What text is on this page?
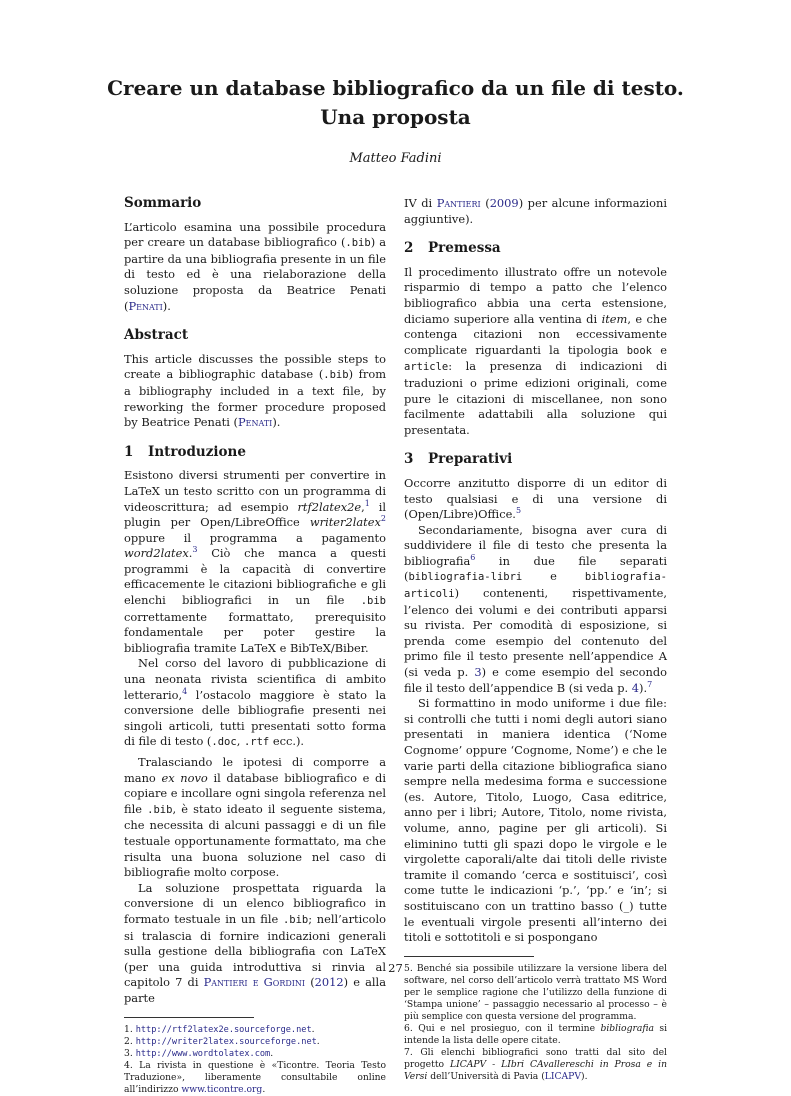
Creare un database bibliografico da un file di testo.
Una proposta
Matteo Fadini
Sommario

L’articolo esamina una possibile procedura per creare un database bibliografico (.bib) a partire da una bibliografia presente in un file di testo ed è una rielaborazione della soluzione proposta da Beatrice Penati (Penati).

Abstract

This article discusses the possible steps to create a bibliographic database (.bib) from a bibliography included in a text file, by reworking the former procedure proposed by Beatrice Penati (Penati).

1 Introduzione

Esistono diversi strumenti per convertire in LaTeX un testo scritto con un programma di videoscrittura; ad esempio rtf2latex2e,$^1$ il plugin per Open/LibreOffice writer2latex$^2$ oppure il programma a pagamento word2latex.$^3$ Ciò che manca a questi programmi è la capacità di convertire efficacemente le citazioni bibliografiche e gli elenchi bibliografici in un file .bib correttamente formattato, prerequisito fondamentale per poter gestire la bibliografia tramite LaTeX e BibTeX/Biber.

Nel corso del lavoro di pubblicazione di una neonata rivista scientifica di ambito letterario,$^4$ l’ostacolo maggiore è stato la conversione delle bibliografie presenti nei singoli articoli, tutti presentati sotto forma di file di testo (.doc, .rtf ecc.).

Tralasciando le ipotesi di comporre a mano ex novo il database bibliografico e di copiare e incollare ogni singola referenza nel file .bib, è stato ideato il seguente sistema, che necessita di alcuni passaggi e di un file testuale opportunamente formattato, ma che risulta una buona soluzione nel caso di bibliografie molto corpose.

La soluzione prospettata riguarda la conversione di un elenco bibliografico in formato testuale in un file .bib; nell’articolo si tralascia di fornire indicazioni generali sulla gestione della bibliografia con LaTeX (per una guida introduttiva si rinvia al capitolo 7 di Pantieri e Gordini (2012) e alla parte

1. http://rtf2latex2e.sourceforge.net.
2. http://writer2latex.sourceforge.net.
3. http://www.wordtolatex.com.
4. La rivista in questione è «Ticontre. Teoria Testo Traduzione», liberamente consultabile online all’indirizzo www.ticontre.org.

IV di Pantieri (2009) per alcune informazioni aggiuntive).

2 Premessa

Il procedimento illustrato offre un notevole risparmio di tempo a patto che l’elenco bibliografico abbia una certa estensione, diciamo superiore alla ventina di item, e che contenga citazioni non eccessivamente complicate riguardanti la tipologia book e article: la presenza di indicazioni di traduzioni o prime edizioni originali, come pure le citazioni di miscellanee, non sono facilmente adattabili alla soluzione qui presentata.

3 Preparativi

Occorre anzitutto disporre di un editor di testo qualsiasi e di una versione di (Open/Libre)Office.$^5$

Secondariamente, bisogna aver cura di suddividere il file di testo che presenta la bibliografia$^6$ in due file separati (bibliografia-libri e bibliografia-articoli) contenenti, rispettivamente, l’elenco dei volumi e dei contributi apparsi su rivista. Per comodità di esposizione, si prenda come esempio del contenuto del primo file il testo presente nell’appendice A (si veda p. 3) e come esempio del secondo file il testo dell’appendice B (si veda p. 4).$^7$

Si formattino in modo uniforme i due file: si controlli che tutti i nomi degli autori siano presentati in maniera identica (‘Nome Cognome’ oppure ‘Cognome, Nome’) e che le varie parti della citazione bibliografica siano sempre nella medesima forma e successione (es. Autore, Titolo, Luogo, Casa editrice, anno per i libri; Autore, Titolo, nome rivista, volume, anno, pagine per gli articoli). Si eliminino tutti gli spazi dopo le virgole e le virgolette caporali/alte dai titoli delle riviste tramite il comando ‘cerca e sostituisci’, così come tutte le indicazioni ‘p.’, ‘pp.’ e ‘in’; si sostituiscano con un trattino basso (_) tutte le eventuali virgole presenti all’interno dei titoli e sottotitoli e si pospongano

5. Benché sia possibile utilizzare la versione libera del software, nel corso dell’articolo verrà trattato MS Word per le semplice ragione che l’utilizzo della funzione di ‘Stampa unione’ – passaggio necessario al processo – è più semplice con questa versione del programma.
6. Qui e nel prosieguo, con il termine bibliografia si intende la lista delle opere citate.
7. Gli elenchi bibliografici sono tratti dal sito del progetto LICAPV - LIbri CAvallereschi in Prosa e in Versi dell’Università di Pavia (LICAPV).
27
